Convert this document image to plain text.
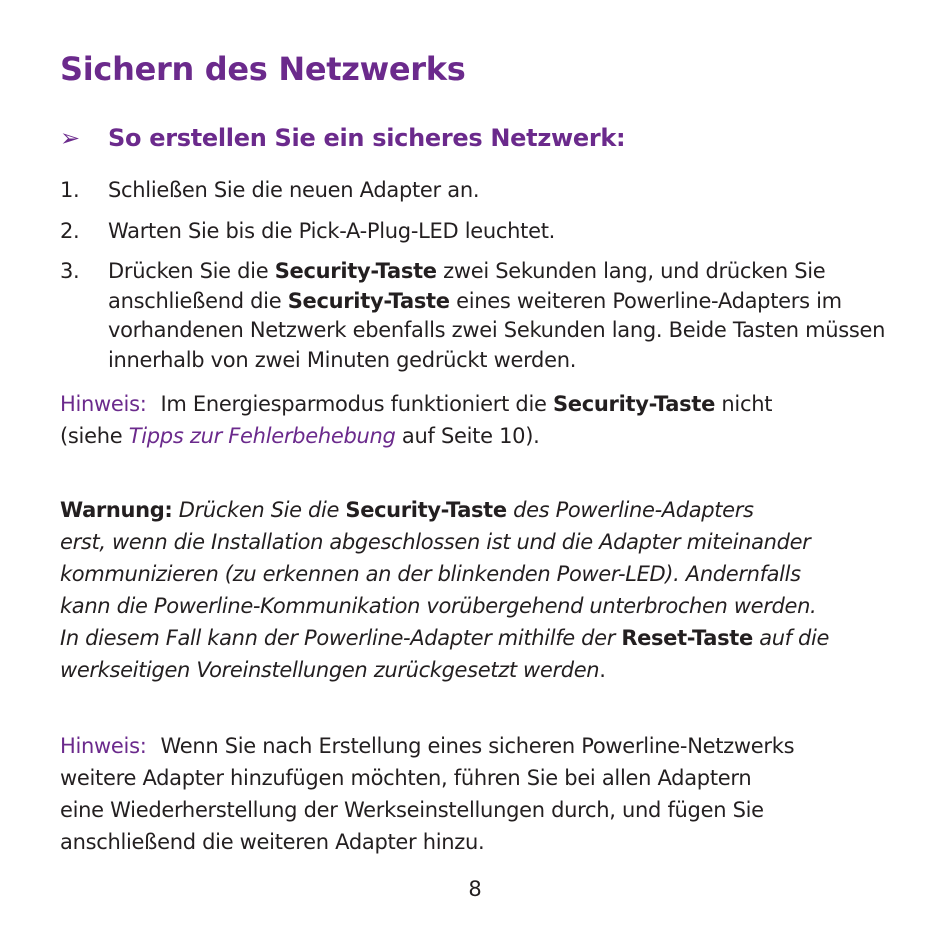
Sichern des Netzwerks
➢ So erstellen Sie ein sicheres Netzwerk:
1. Schließen Sie die neuen Adapter an.
2. Warten Sie bis die Pick-A-Plug-LED leuchtet.
3. Drücken Sie die Security-Taste zwei Sekunden lang, und drücken Sie anschließend die Security-Taste eines weiteren Powerline-Adapters im vorhandenen Netzwerk ebenfalls zwei Sekunden lang. Beide Tasten müssen innerhalb von zwei Minuten gedrückt werden.
Hinweis: Im Energiesparmodus funktioniert die Security-Taste nicht
(siehe Tipps zur Fehlerbehebung auf Seite 10).
Warnung: Drücken Sie die Security-Taste des Powerline-Adapters
erst, wenn die Installation abgeschlossen ist und die Adapter miteinander
kommunizieren (zu erkennen an der blinkenden Power-LED). Andernfalls
kann die Powerline-Kommunikation vorübergehend unterbrochen werden.
In diesem Fall kann der Powerline-Adapter mithilfe der Reset-Taste auf die
werkseitigen Voreinstellungen zurückgesetzt werden.
Hinweis: Wenn Sie nach Erstellung eines sicheren Powerline-Netzwerks
weitere Adapter hinzufügen möchten, führen Sie bei allen Adaptern
eine Wiederherstellung der Werkseinstellungen durch, und fügen Sie
anschließend die weiteren Adapter hinzu.
8
